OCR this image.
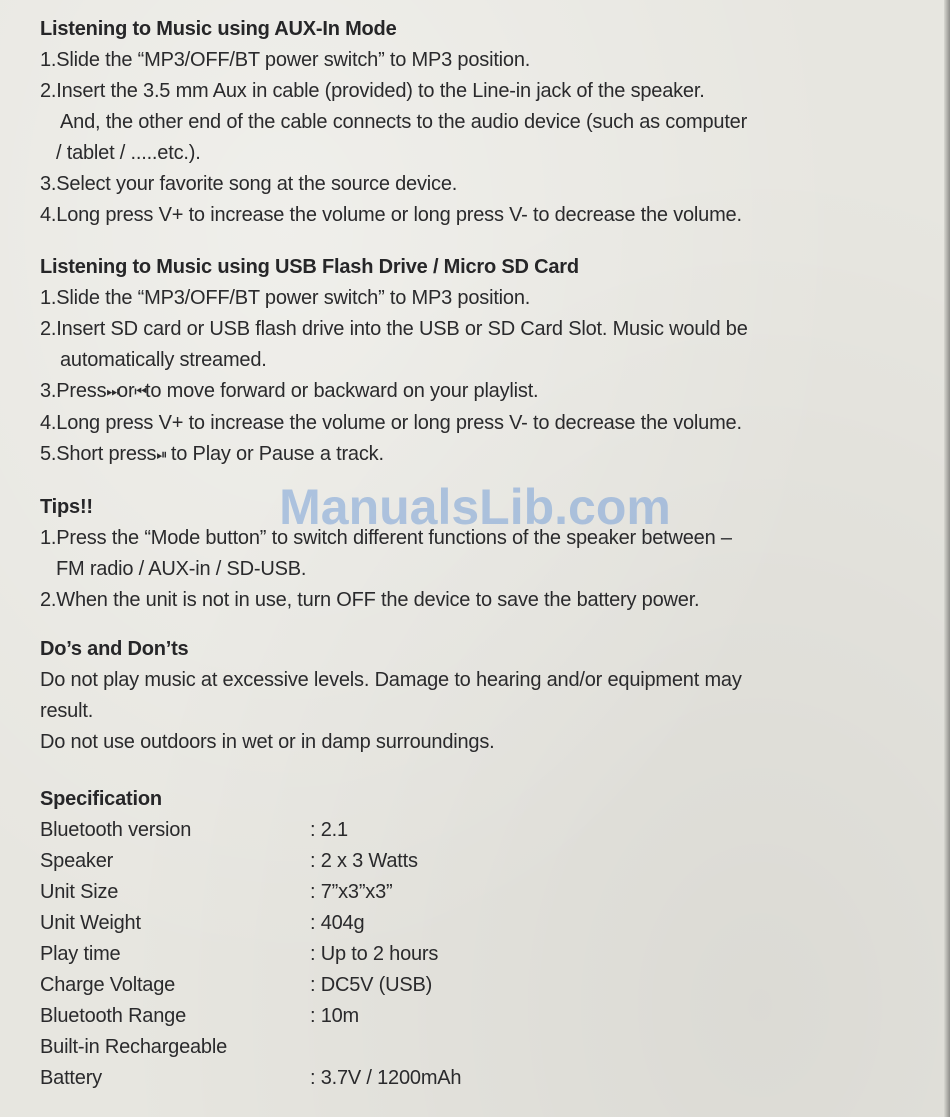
Listening to Music using AUX-In Mode
1.Slide the “MP3/OFF/BT power switch” to MP3 position.
2.Insert the 3.5 mm Aux in cable (provided) to the Line-in jack of the speaker.
And, the other end of the cable connects to the audio device (such as computer
/ tablet / .....etc.).
3.Select your favorite song at the source device.
4.Long press V+ to increase the volume or long press V- to decrease the volume.
Listening to Music using USB Flash Drive / Micro SD Card
1.Slide the “MP3/OFF/BT power switch” to MP3 position.
2.Insert SD card or USB flash drive into the USB or SD Card Slot. Music would be
automatically streamed.
3.Press⏭or⏮to move forward or backward on your playlist.
4.Long press V+ to increase the volume or long press V- to decrease the volume.
5.Short press⏯ to Play or Pause a track.
Tips!!
1.Press the “Mode button” to switch different functions of the speaker between –
FM radio / AUX-in / SD-USB.
2.When the unit is not in use, turn OFF the device to save the battery power.
Do’s and Don’ts
Do not play music at excessive levels. Damage to hearing and/or equipment may
result.
Do not use outdoors in wet or in damp surroundings.
Specification
Bluetooth version	: 2.1
Speaker	: 2 x 3 Watts
Unit Size	: 7”x3”x3”
Unit Weight	: 404g
Play time	: Up to 2 hours
Charge Voltage	: DC5V (USB)
Bluetooth Range	: 10m
Built-in Rechargeable
Battery	: 3.7V / 1200mAh
ManualsLib.com
